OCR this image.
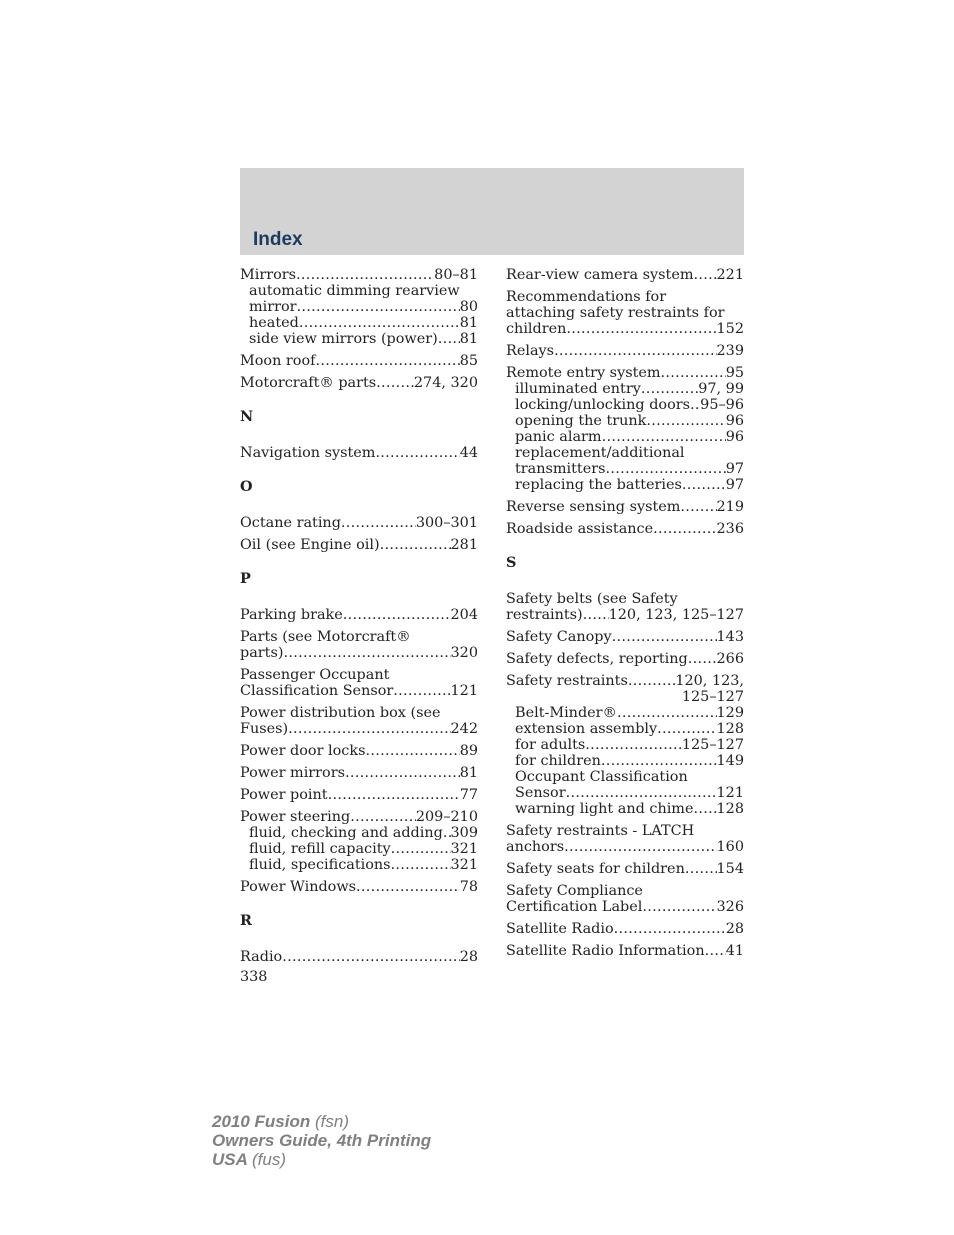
Index
Mirrors .....	80–81
automatic dimming rearview
mirror .....	80
heated .....	81
side view mirrors (power) ..... 81
Moon roof .....	85
Motorcraft® parts .....	274, 320
N
Navigation system .....	44
O
Octane rating .....	300–301
Oil (see Engine oil) .....	281
P
Parking brake .....	204
Parts (see Motorcraft®
parts) .....	320
Passenger Occupant
Classification Sensor .....	121
Power distribution box (see
Fuses) .....	242
Power door locks .....	89
Power mirrors .....	81
Power point .....	77
Power steering .....	209–210
fluid, checking and adding ..... 309
fluid, refill capacity .....	321
fluid, specifications .....	321
Power Windows .....	78
R
Radio .....	28
338
Rear-view camera system ..... 221
Recommendations for
attaching safety restraints for
children .....	152
Relays .....	239
Remote entry system .....	95
illuminated entry .....	97, 99
locking/unlocking doors ..... 95–96
opening the trunk .....	96
panic alarm .....	96
replacement/additional
transmitters .....	97
replacing the batteries .....	97
Reverse sensing system .....	219
Roadside assistance .....	236
S
Safety belts (see Safety
restraints) ..... 120, 123, 125–127
Safety Canopy .....	143
Safety defects, reporting ..... 266
Safety restraints .....	120, 123,
125–127
Belt-Minder® .....	129
extension assembly .....	128
for adults .....	125–127
for children .....	149
Occupant Classification
Sensor .....	121
warning light and chime ..... 128
Safety restraints - LATCH
anchors .....	160
Safety seats for children ..... 154
Safety Compliance
Certification Label .....	326
Satellite Radio .....	28
Satellite Radio Information ..... 41
2010 Fusion (fsn)
Owners Guide, 4th Printing
USA (fus)
